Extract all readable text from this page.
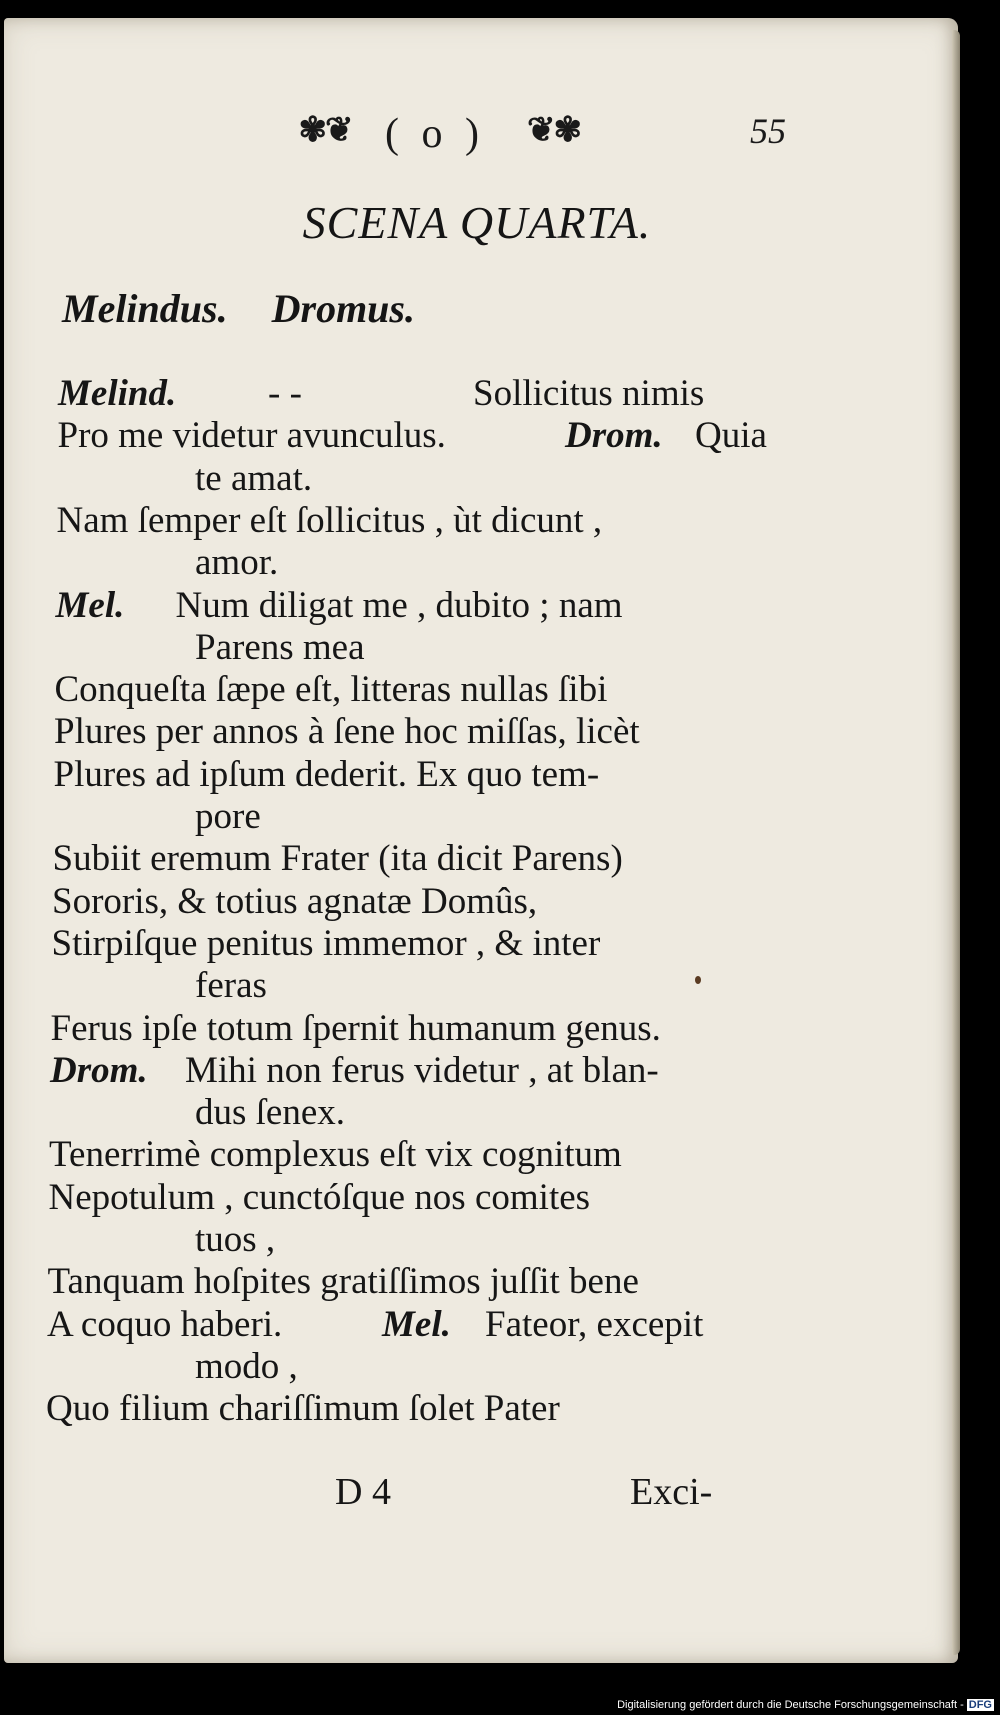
✾❦ ( o )	❦✾	55
SCENA QUARTA.
Melindus. Dromus.
Melind. - -	Sollicitus nimis
Pro me videtur avunculus.	Drom. Quia
te amat.
Nam ſemper eſt ſollicitus , ùt dicunt ,
amor.
Mel. Num diligat me , dubito ; nam
Parens mea
Conqueſta ſæpe eſt, litteras nullas ſibi
Plures per annos à ſene hoc miſſas, licèt
Plures ad ipſum dederit. Ex quo tem-
pore
Subiit eremum Frater (ita dicit Parens)
Sororis, & totius agnatæ Domûs,
Stirpiſque penitus immemor , & inter
feras
Ferus ipſe totum ſpernit humanum genus.
Drom. Mihi non ferus videtur , at blan-
dus ſenex.
Tenerrimè complexus eſt vix cognitum
Nepotulum , cunctóſque nos comites
tuos ,
Tanquam hoſpites gratiſſimos juſſit bene
A coquo haberi.	Mel. Fateor, excepit
modo ,
Quo filium chariſſimum ſolet Pater
D 4	Exci-
Digitalisierung gefördert durch die Deutsche Forschungsgemeinschaft - DFG
